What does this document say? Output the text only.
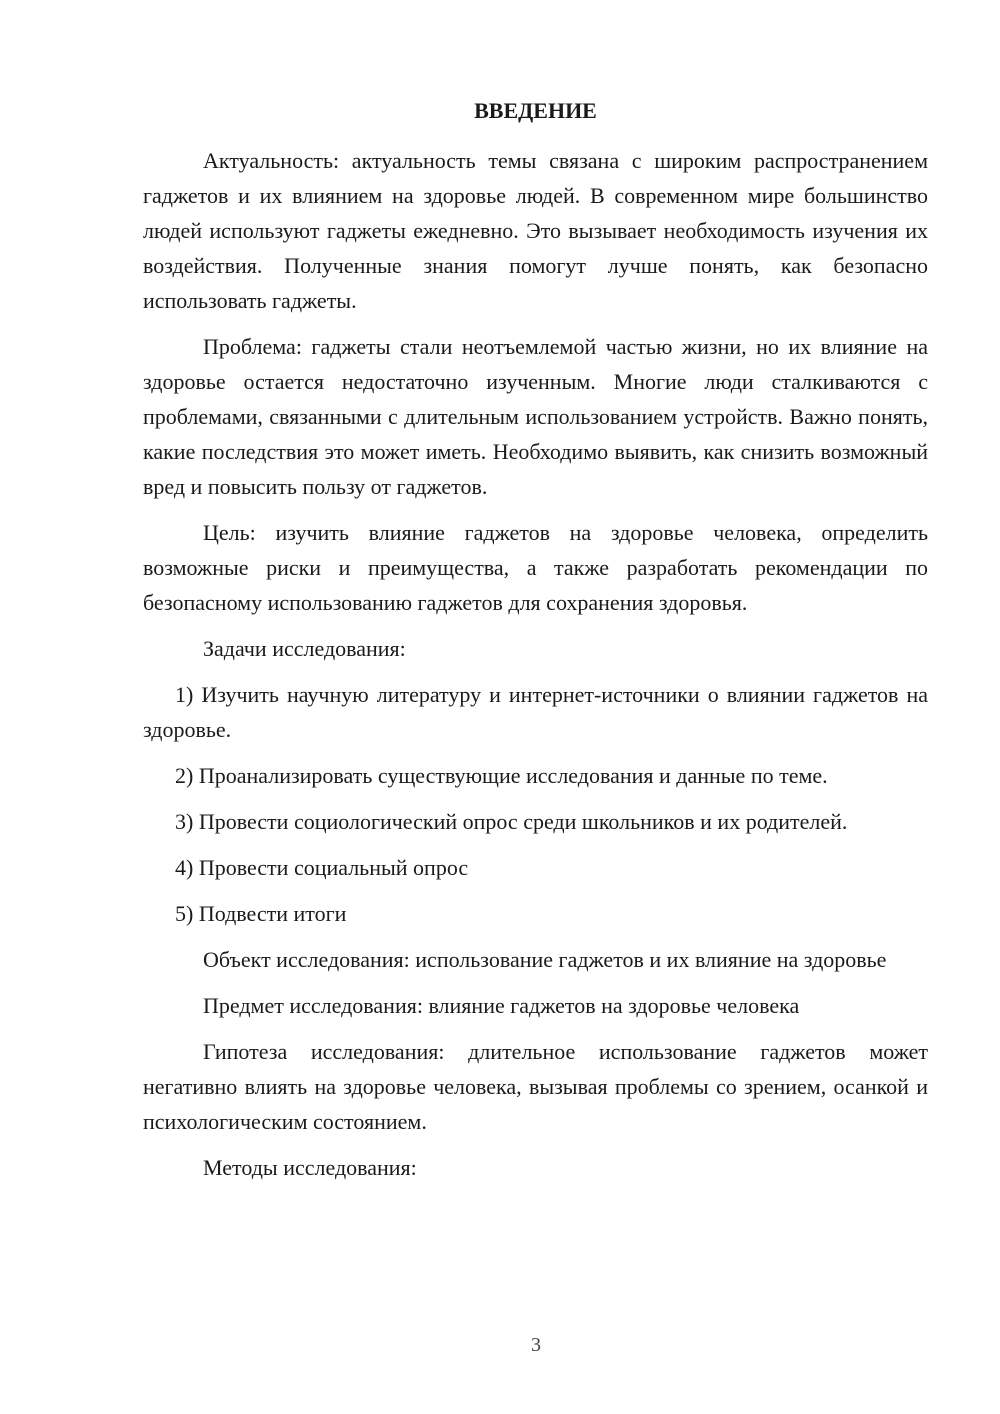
ВВЕДЕНИЕ

Актуальность: актуальность темы связана с широким распространением гаджетов и их влиянием на здоровье людей. В современном мире большинство людей используют гаджеты ежедневно. Это вызывает необходимость изучения их воздействия. Полученные знания помогут лучше понять, как безопасно использовать гаджеты.

Проблема: гаджеты стали неотъемлемой частью жизни, но их влияние на здоровье остается недостаточно изученным. Многие люди сталкиваются с проблемами, связанными с длительным использованием устройств. Важно понять, какие последствия это может иметь. Необходимо выявить, как снизить возможный вред и повысить пользу от гаджетов.

Цель: изучить влияние гаджетов на здоровье человека, определить возможные риски и преимущества, а также разработать рекомендации по безопасному использованию гаджетов для сохранения здоровья.

Задачи исследования:

1) Изучить научную литературу и интернет-источники о влиянии гаджетов на здоровье.

2) Проанализировать существующие исследования и данные по теме.

3) Провести социологический опрос среди школьников и их родителей.

4) Провести социальный опрос

5) Подвести итоги

Объект исследования: использование гаджетов и их влияние на здоровье

Предмет исследования: влияние гаджетов на здоровье человека

Гипотеза исследования: длительное использование гаджетов может негативно влиять на здоровье человека, вызывая проблемы со зрением, осанкой и психологическим состоянием.

Методы исследования:

3
